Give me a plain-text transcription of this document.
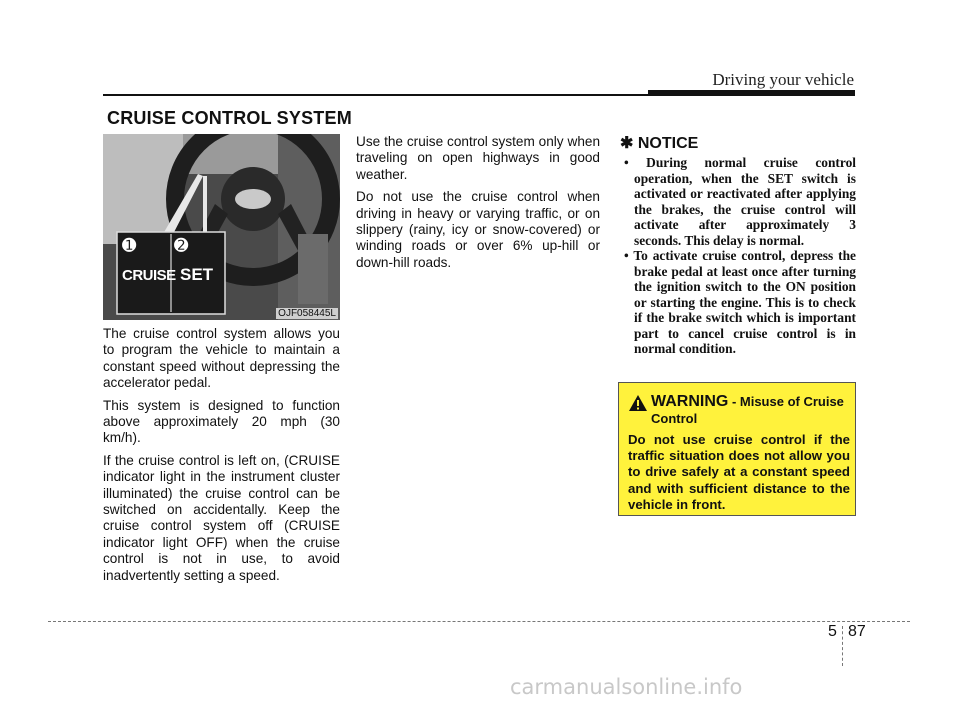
Driving your vehicle
CRUISE CONTROL SYSTEM
➊ ➋
CRUISE SET
OJF058445L

The cruise control system allows you to program the vehicle to maintain a constant speed without depressing the accelerator pedal.

This system is designed to function above approximately 20 mph (30 km/h).

If the cruise control is left on, (CRUISE indicator light in the instrument cluster illuminated) the cruise control can be switched on accidentally. Keep the cruise control system off (CRUISE indicator light OFF) when the cruise control is not in use, to avoid inadvertently setting a speed.

Use the cruise control system only when traveling on open highways in good weather.

Do not use the cruise control when driving in heavy or varying traffic, or on slippery (rainy, icy or snow-covered) or winding roads or over 6% up-hill or down-hill roads.

✱ NOTICE
• During normal cruise control operation, when the SET switch is activated or reactivated after applying the brakes, the cruise control will activate after approximately 3 seconds. This delay is normal.
• To activate cruise control, depress the brake pedal at least once after turning the ignition switch to the ON position or starting the engine. This is to check if the brake switch which is important part to cancel cruise control is in normal condition.
WARNING - Misuse of Cruise Control
Do not use cruise control if the traffic situation does not allow you to drive safely at a constant speed and with sufficient distance to the vehicle in front.
5 87
carmanualsonline.info
